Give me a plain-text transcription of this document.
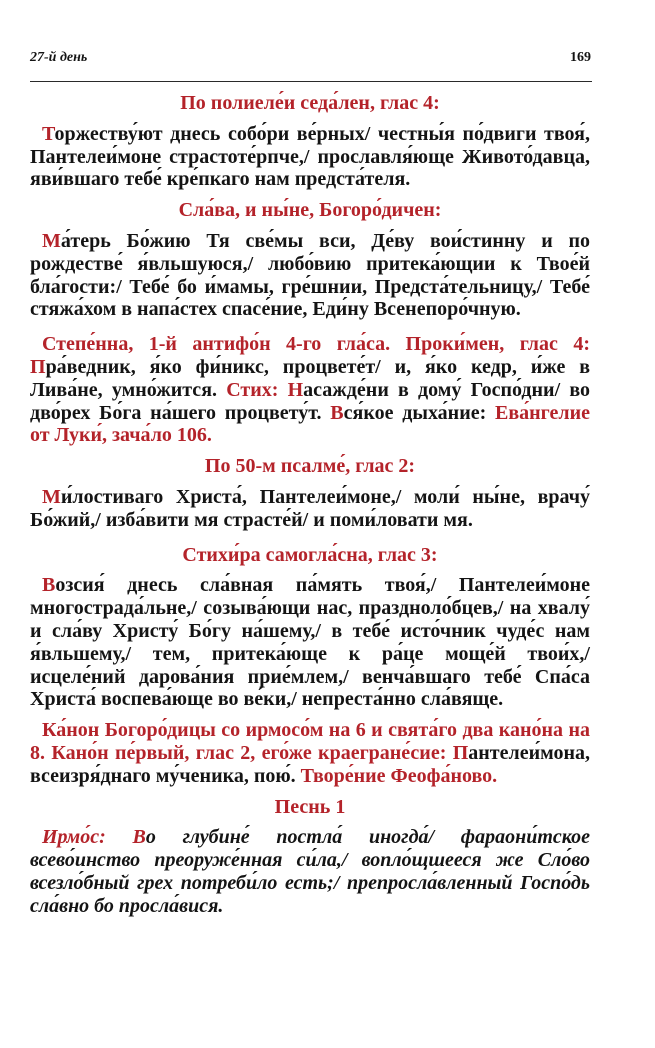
27-й день	169

По полиеле́и седа́лен, глас 4:

Торжеству́ют днесь собо́ри ве́рных/ честны́я по́двиги твоя́, Пантелеи́моне страстоте́рпче,/ прославля́юще Живото́давца, яви́вшаго тебе́ кре́пкаго нам предста́теля.

Сла́ва, и ны́не, Богоро́дичен:

Ма́терь Бо́жию Тя све́мы вси, Де́ву вои́стинну и по рождестве́ я́вльшуюся,/ любо́вию притека́ющии к Твое́й бла́гости:/ Тебе́ бо и́мамы, гре́шнии, Предста́тельницу,/ Тебе́ стяжа́хом в напа́стех спасе́ние, Еди́ну Всенепоро́чную.

Степе́нна, 1-й антифо́н 4-го гла́са. Проки́мен, глас 4: Пра́ведник, я́ко фи́никс, процвете́т/ и, я́ко кедр, и́же в Лива́не, умно́жится. Стих: Насажде́ни в дому́ Госпо́дни/ во дво́рех Бо́га на́шего процвету́т. Вся́кое дыха́ние: Ева́нгелие от Луки́, зача́ло 106.

По 50-м псалме́, глас 2:

Ми́лостиваго Христа́, Пантелеи́моне,/ моли́ ны́не, врачу́ Бо́жий,/ изба́вити мя страсте́й/ и поми́ловати мя.

Стихи́ра самогла́сна, глас 3:

Возсия́ днесь сла́вная па́мять твоя́,/ Пантелеи́моне многострада́льне,/ созыва́ющи нас, праздноло́бцев,/ на хвалу́ и сла́ву Христу́ Бо́гу на́шему,/ в тебе́ исто́чник чуде́с нам я́вльшему,/ тем, притека́юще к ра́це моще́й твои́х,/ исцеле́ний дарова́ния прие́млем,/ венча́вшаго тебе́ Спа́са Христа́ воспева́юще во ве́ки,/ непреста́нно сла́вяще.

Ка́нон Богоро́дицы со ирмосо́м на 6 и свята́го два кано́на на 8. Кано́н пе́рвый, глас 2, его́же краегране́сие: Пантелеи́мона, всеизря́днаго му́ченика, пою́. Творе́ние Феофа́ново.

Песнь 1

Ирмо́с: Во глубине́ постла́ иногда́/ фараони́тское всево́инство преоруже́нная си́ла,/ вопло́щшееся же Сло́во всезло́бный грех потреби́ло есть;/ препросла́вленный Госпо́дь сла́вно бо просла́вися.
